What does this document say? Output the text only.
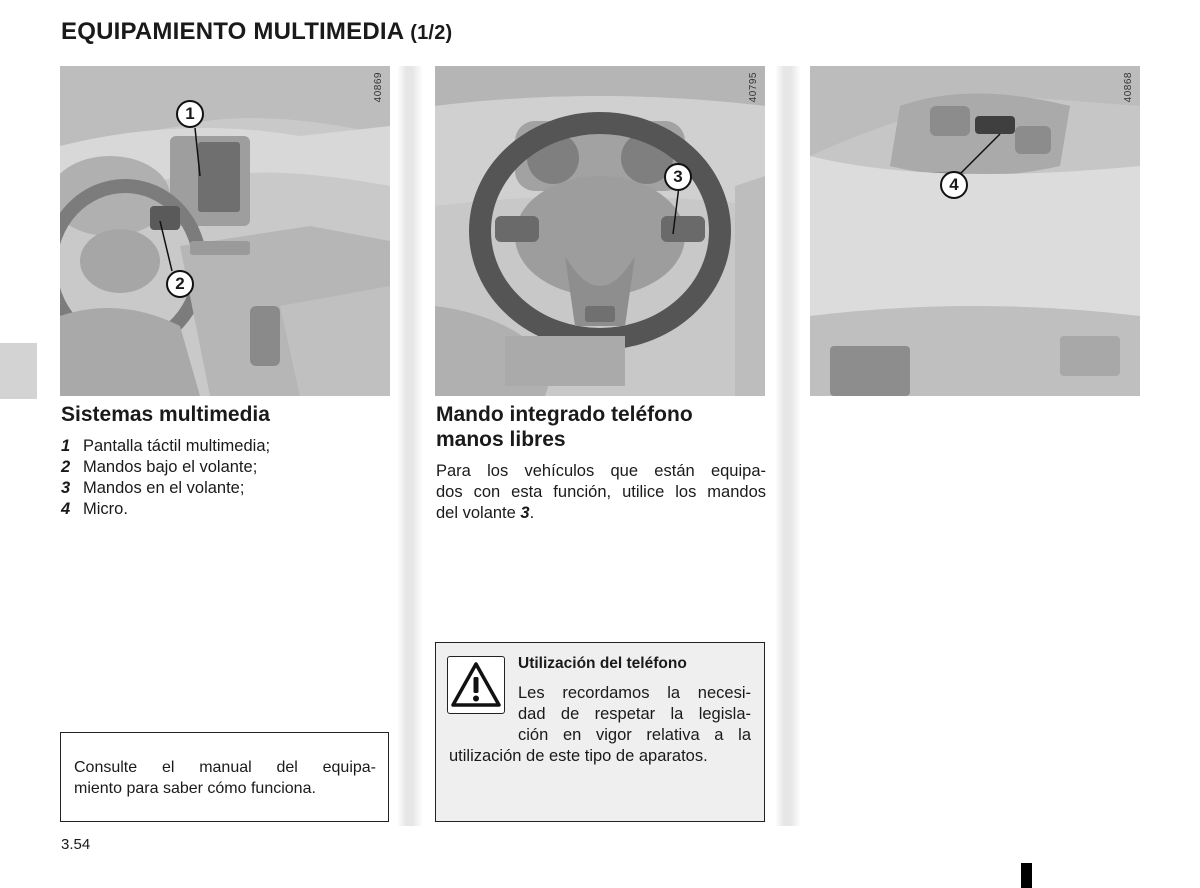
EQUIPAMIENTO MULTIMEDIA (1/2)
40869
1
2
40795
3
40868
4
Sistemas multimedia
1 Pantalla táctil multimedia;
2 Mandos bajo el volante;
3 Mandos en el volante;
4 Micro.
Consulte el manual del equipa-
miento para saber cómo funciona.
Mando integrado teléfono
manos libres
Para los vehículos que están equipa-
dos con esta función, utilice los mandos
del volante 3.
Utilización del teléfono
Les recordamos la necesi-
dad de respetar la legisla-
ción en vigor relativa a la
utilización de este tipo de aparatos.
3.54
